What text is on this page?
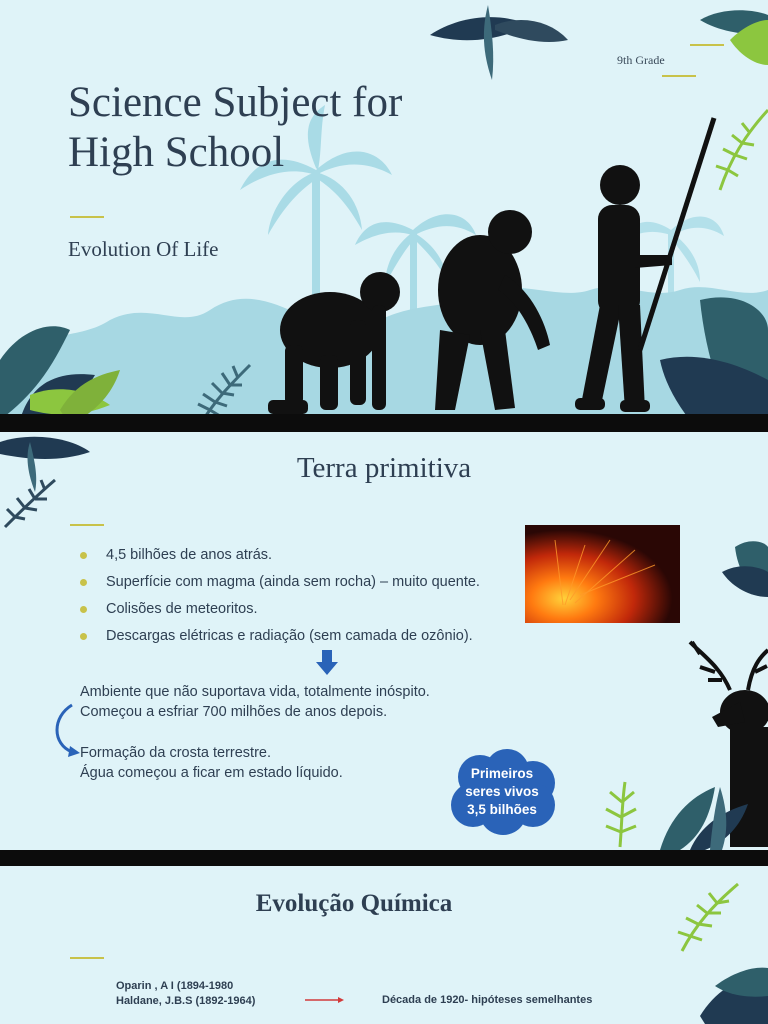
9th Grade
Science Subject for
High School
Evolution Of Life
Terra primitiva
4,5 bilhões de anos atrás.
Superfície com magma (ainda sem rocha) – muito quente.
Colisões de meteoritos.
Descargas elétricas e radiação (sem camada de ozônio).
Ambiente que não suportava vida, totalmente inóspito.
Começou a esfriar 700 milhões de anos depois.
Formação da crosta terrestre.
Água começou a ficar em estado líquido.	Primeiros
seres vivos
3,5 bilhões
Evolução Química
Oparin , A I (1894-1980
Haldane, J.B.S (1892-1964)	Década de 1920- hipóteses semelhantes
